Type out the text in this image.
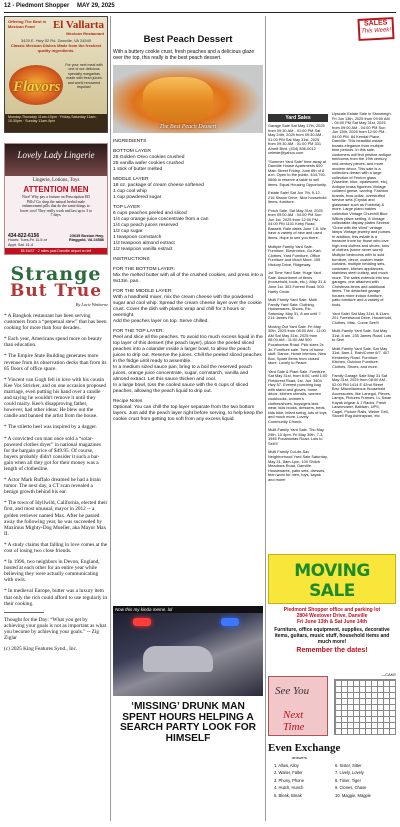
12 - Piedmont Shopper MAY 29, 2025
Offering The Best in Mexican Food	El Vallarta
Mexican Restaurant
3425 E. Hwy 52 Rd. Danville, VA 24540
Classic Mexican Dishes Made from the freshest quality ingredients.
Flavors
For your next meal with one of our delicious specialty margaritas made with fresh juices and world renowned tequilas!
Monday-Thursday 11am-10pm · Friday-Saturday 11am-10:30pm · Sunday 11am-9pm
Lovely Lady Lingerie
Lingerie, Lotions, Toys
ATTENTION MEN
Nice! Why pay a fortune on Prescription ED Pills? Go shop the natural herbal male enhancement pills that do the same things to lower cost! They really work and last up to 3 to 7 days.
434-822-6156
Hours: Tues-Fri 11-5 or Appt. Sat. 11-4
23635 Boston Hwy. Ringgold, VA 24586
$5 EAST · 2 miles past Danville airport on left
Strange
But True
By Lucie Winborne

* A Bangkok restaurant has been serving customers from a “perpetual stew” that has been cooking for more than four decades.

* Each year, Americans spend more on beauty than education.

* The Empire State Building generates more revenue from its observation decks than from its 85 floors of office space.

* Vincent van Gogh fell in love with his cousin Kee Vos Stricker, and on one occasion proposed marriage, even putting his hand over a candle and saying he wouldn't remove it until they could marry. Kee's disapproving father, however, had other ideas: He blew out the candle and banned the artist from the house.

* The stiletto heel was inspired by a dagger.

* A convicted con man once sold a “solar-powered clothes dryer” in national magazines for the bargain price of $49.95. Of course, buyers probably didn't consider it such a bar-gain when all they got for their money was a length of clothesline.

* Actor Mark Ruffalo dreamed he had a brain tumor. The next day, a CT scan revealed a benign growth behind his ear.

* The town of Idyllwild, California, elected their first, and most unusual, mayor in 2012 -- a golden retriever named Max. After he passed away the following year, he was succeeded by Maximus Mighty-Dog Mueller, aka Mayor Max II.

* A study claims that falling in love comes at the cost of losing two close friends.

* In 1996, two neighbors in Devon, England, hosted at each other for an entire year while believing they were actually communicating with owls.

* In medieval Europe, butter was a luxury item that only the rich could afford to use regularly in their cooking.

Thought for the Day: “What you get by achieving your goals is not as important as what you become by achieving your goals.” -- Zig Ziglar

(c) 2025 King Features Synd., Inc.

Best Peach Dessert
With a buttery cookie crust, fresh peaches and a delicious glaze over the top, this really is the best peach dessert.
The Best Peach Dessert
INGREDIENTS
BOTTOM LAYER
25 Golden Oreo cookies crushed
25 vanilla wafer cookies crushed
1 stick of butter melted
MIDDLE LAYER
18 oz. package of cream cheese softened
1 cup cool whip
1 cup powdered sugar
TOP LAYER
6 cups peaches peeled and sliced
1/4 cup orange juice concentrate from a can
1/4 cup peach juices reserved
1/2 cup sugar
1 teaspoon cornstarch
1/2 teaspoon almond extract
1/2 teaspoon vanilla extract
INSTRUCTIONS
FOR THE BOTTOM LAYER:
Mix the melted butter with all of the crushed cookies, and press into a 9x13in. pan.
FOR THE MIDDLE LAYER:
With a handheld mixer, mix the cream cheese with the powdered sugar and cool whip. Spread the cream cheese layer over the cookie crust. Cover the dish with plastic wrap and chill for 3 hours or overnight.
Add the peaches layer on top. Serve chilled.
FOR THE TOP LAYER:
Peel and slice all the peaches. To avoid too much excess liquid in the top layer of this dessert (the peach layer), place the peeled sliced peaches into a colander inside a larger bowl, to allow the peach juices to drip out. Reserve the juices. Chill the peeled sliced peaches in the fridge until ready to assemble.
In a medium sized sauce pan, bring to a boil the reserved peach juices, orange juice concentrate, sugar, cornstarch, vanilla and almond extract. Let this sauce thicken and cool.
In a large bowl, toss the cooled sauce with the 6 cups of sliced peaches, allowing the peach liquid to drip out.
Recipe Notes
Optional: You can chill the top layer separate from the two bottom layers. Just add the peach layer right before serving, to help keep the cookie crust from getting too soft from any excess liquid.
Now this my kinda meme. lol
‘MISSING’ DRUNK MAN SPENT HOURS HELPING A SEARCH PARTY LOOK FOR HIMSELF
SALES
This Week!
Yard Sales
Garage Sale Sat May 17th, 2025 from 09:30 AM - 01:00 PM Sat May 24th, 2025 from 09:30 AM - 01:00 PM Sat May 31st, 2025 from 09:30 AM - 01:00 PM 331 Arnett Blvd. (434) 836-0012 celeste@yahoo.com
“Summer Yard Sale” time away at Danville House Apartments 600 Main Street Friday, June 6th of 8 a.m. Open to the public. 434-792-0666 to reserve a table to sell items. Equal Housing Opportunity.
Estate Sale! Sat Jun 7th, 9-12. 216 Sisson Drive. Nice household items, furniture.
Porch Sale. Sat May 31st, 2025 from 09:00 AM - 04:00 PM Sun Jun 1st, 2025 from 12:00 PM - 04:00 PM 1101 Kirby Road, Bassett. Rain dates June 7-8. We have a variety of new and used items. Hope to see you there.
Multiple Family Yard Sale. Furniture, Electronics, Go-Kart, Clothes, Yard Furniture, Office Furniture and Much More. 155 Hickory Drive, Ridgeway.
1st Time Yard Sale. Huge Yard Sale. Assortment of items (household, tools, etc.). May 31 & June 1st. 303 Forrest Road. 503 Hartly Circle.
Multi Family Yard Sale. Multi Family Yard Sale: Clothing, Housewares, Shoes, Etc. Saturday, May 31, 8 am until ? 214 James Rd.
Moving Out Yard Sale. Fri May 30th, 2025 from 08:00 AM - 11:00 AM Sat May 31st, 2025 from 08:00 AM - 11:00 AM 500 Pocahontas Road. Pick sizes 2x 3x. Furniture sale. Tons of home stuff. Dance, Home interiors. New Box, Spare Items from closed store. Lovely to Peace.
Yard Sale & Plant Sale. Furniture, Sat May 31st, from 8:00, until 1:00 Fieldcrest Road, 1st, Jun. 3404 Hwy 57. Everest punching bag with stand and gloves, home décor, kitchen utensils, women cookbooks, women's clothes/shoes, boys/girls kids wear, kids books, dressers, beds, kids bike, infant swing, lots of toys and much more. Lovely Community Church.
Multi-Family Yard Sale. Thu May 29th, 10 4pm. Fri May 30th, 7-3, 1945 Pocahontas Road. Lots to Sell!!!
Multi Family Cul-de-Sac Neighborhood Yard Sale Saturday, May 31, 8am-1pm, 100 Shiloh Meadows Road, Danville. Housewares, patio sets, dresses, teen wom for men, toys, kayak and more!
Upscale Estate Sale in Stoneleigh. Fri Jun 13th, 2025 from 09:00 AM - 04:00 PM Sat May 31st, 2025 from 09:00 AM - 04:00 PM Sun Jun 15th, 2025 from 12:00 PM - 04:00 PM. 84 Kendal Place, Danville. This beautiful estate boasts elegance from multiple time periods. In this sale, customers will find pristine antique heirlooms from the 19th century, mid-century pieces, and more modern décor. This sale is a collectors dream with a large collection of Fenton glass (Vaseline, blue, opalescent, etc), Antique brass figurines Vintage collared geese, carving. Fashion brands, bow-collar, overstuffed service sets (Crystal and glassware such as Fostoria) & more. Large piano babies collection Vintage Churchill Blue Willow place setting, 8 Vintage collectable display plates Several “Gone with the Wind” vintage lamps Vintage jewelry and purses. In addition, this estate is a treasure trove for those who love high-end clothes and shoes, tons of clothes (some never worn)! Multiple bedrooms with to sold furniture, decor, custom made curtains, multiple bedding sets, cookware, kitchen appliances, stainless steel cutlery, and much more. The sales extends into two garages, one attached with Christmas items and additional items. The detached garage houses more indoor furniture, patio furniture and a variety of tools.
Yard Sale! Sat May 31st, 8-11am. 201 Forestwood Drive. Household, Clothes, Misc. Come See!!!
Multi-Family Yard Sale. Sat May 31st, 8 am. 235 James Road. Lots to See!
Multi-Family Yard Sale. Sat May 31st, 8am-1. Rain/Come 6/7. 407 Kimberley Road. Furniture, Kitchen, Outdoor Furniture, Clothes, Shoes, and more.
Family Garage Sale May 31 Sat May 31st, 2025 from 08:00 AM - 02:00 PM 1414 E 42nd Street Brsi: Miscellaneous Household Accessories, like Lanegol, Pieces, Lamps, Pictures Frames, LL Swan Kayak w/gear & J Racks, Fresh Lawnmower, Baldwin, UPS, Cagel, Picture Rails, Weber Grill, Stovell Rug Ashtraycan, etc.
MOVING SALE
Piedmont Shopper office and parking lot
2804 Westover Drive, Danville
Fri June 13th & Sat June 14th
Furniture, office equipment, supplies, decorative items, guitars, music stuff, household items and much more!
Remember the dates!
See You
Next Time
—CAKE
Even Exchange
answers
1. Allow, Alloy
2. Waiter, Falter
3. Phony, Phone
4. Hutch, Hunch
5. Bleak, Break
6. Sister, Sitter
7. Lively, Lovely
8. Timer, Tiger
9. Clones, Chase
10. Maggie, Magpie
